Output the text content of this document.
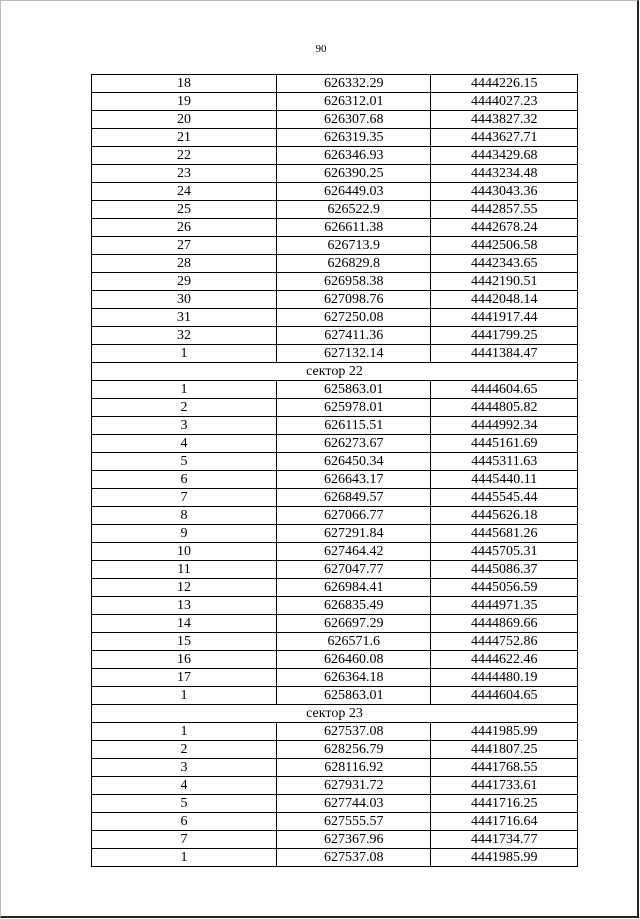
90
18	626332.29	4444226.15
19	626312.01	4444027.23
20	626307.68	4443827.32
21	626319.35	4443627.71
22	626346.93	4443429.68
23	626390.25	4443234.48
24	626449.03	4443043.36
25	626522.9	4442857.55
26	626611.38	4442678.24
27	626713.9	4442506.58
28	626829.8	4442343.65
29	626958.38	4442190.51
30	627098.76	4442048.14
31	627250.08	4441917.44
32	627411.36	4441799.25
1	627132.14	4441384.47
сектор 22		
1	625863.01	4444604.65
2	625978.01	4444805.82
3	626115.51	4444992.34
4	626273.67	4445161.69
5	626450.34	4445311.63
6	626643.17	4445440.11
7	626849.57	4445545.44
8	627066.77	4445626.18
9	627291.84	4445681.26
10	627464.42	4445705.31
11	627047.77	4445086.37
12	626984.41	4445056.59
13	626835.49	4444971.35
14	626697.29	4444869.66
15	626571.6	4444752.86
16	626460.08	4444622.46
17	626364.18	4444480.19
1	625863.01	4444604.65
сектор 23		
1	627537.08	4441985.99
2	628256.79	4441807.25
3	628116.92	4441768.55
4	627931.72	4441733.61
5	627744.03	4441716.25
6	627555.57	4441716.64
7	627367.96	4441734.77
1	627537.08	4441985.99
